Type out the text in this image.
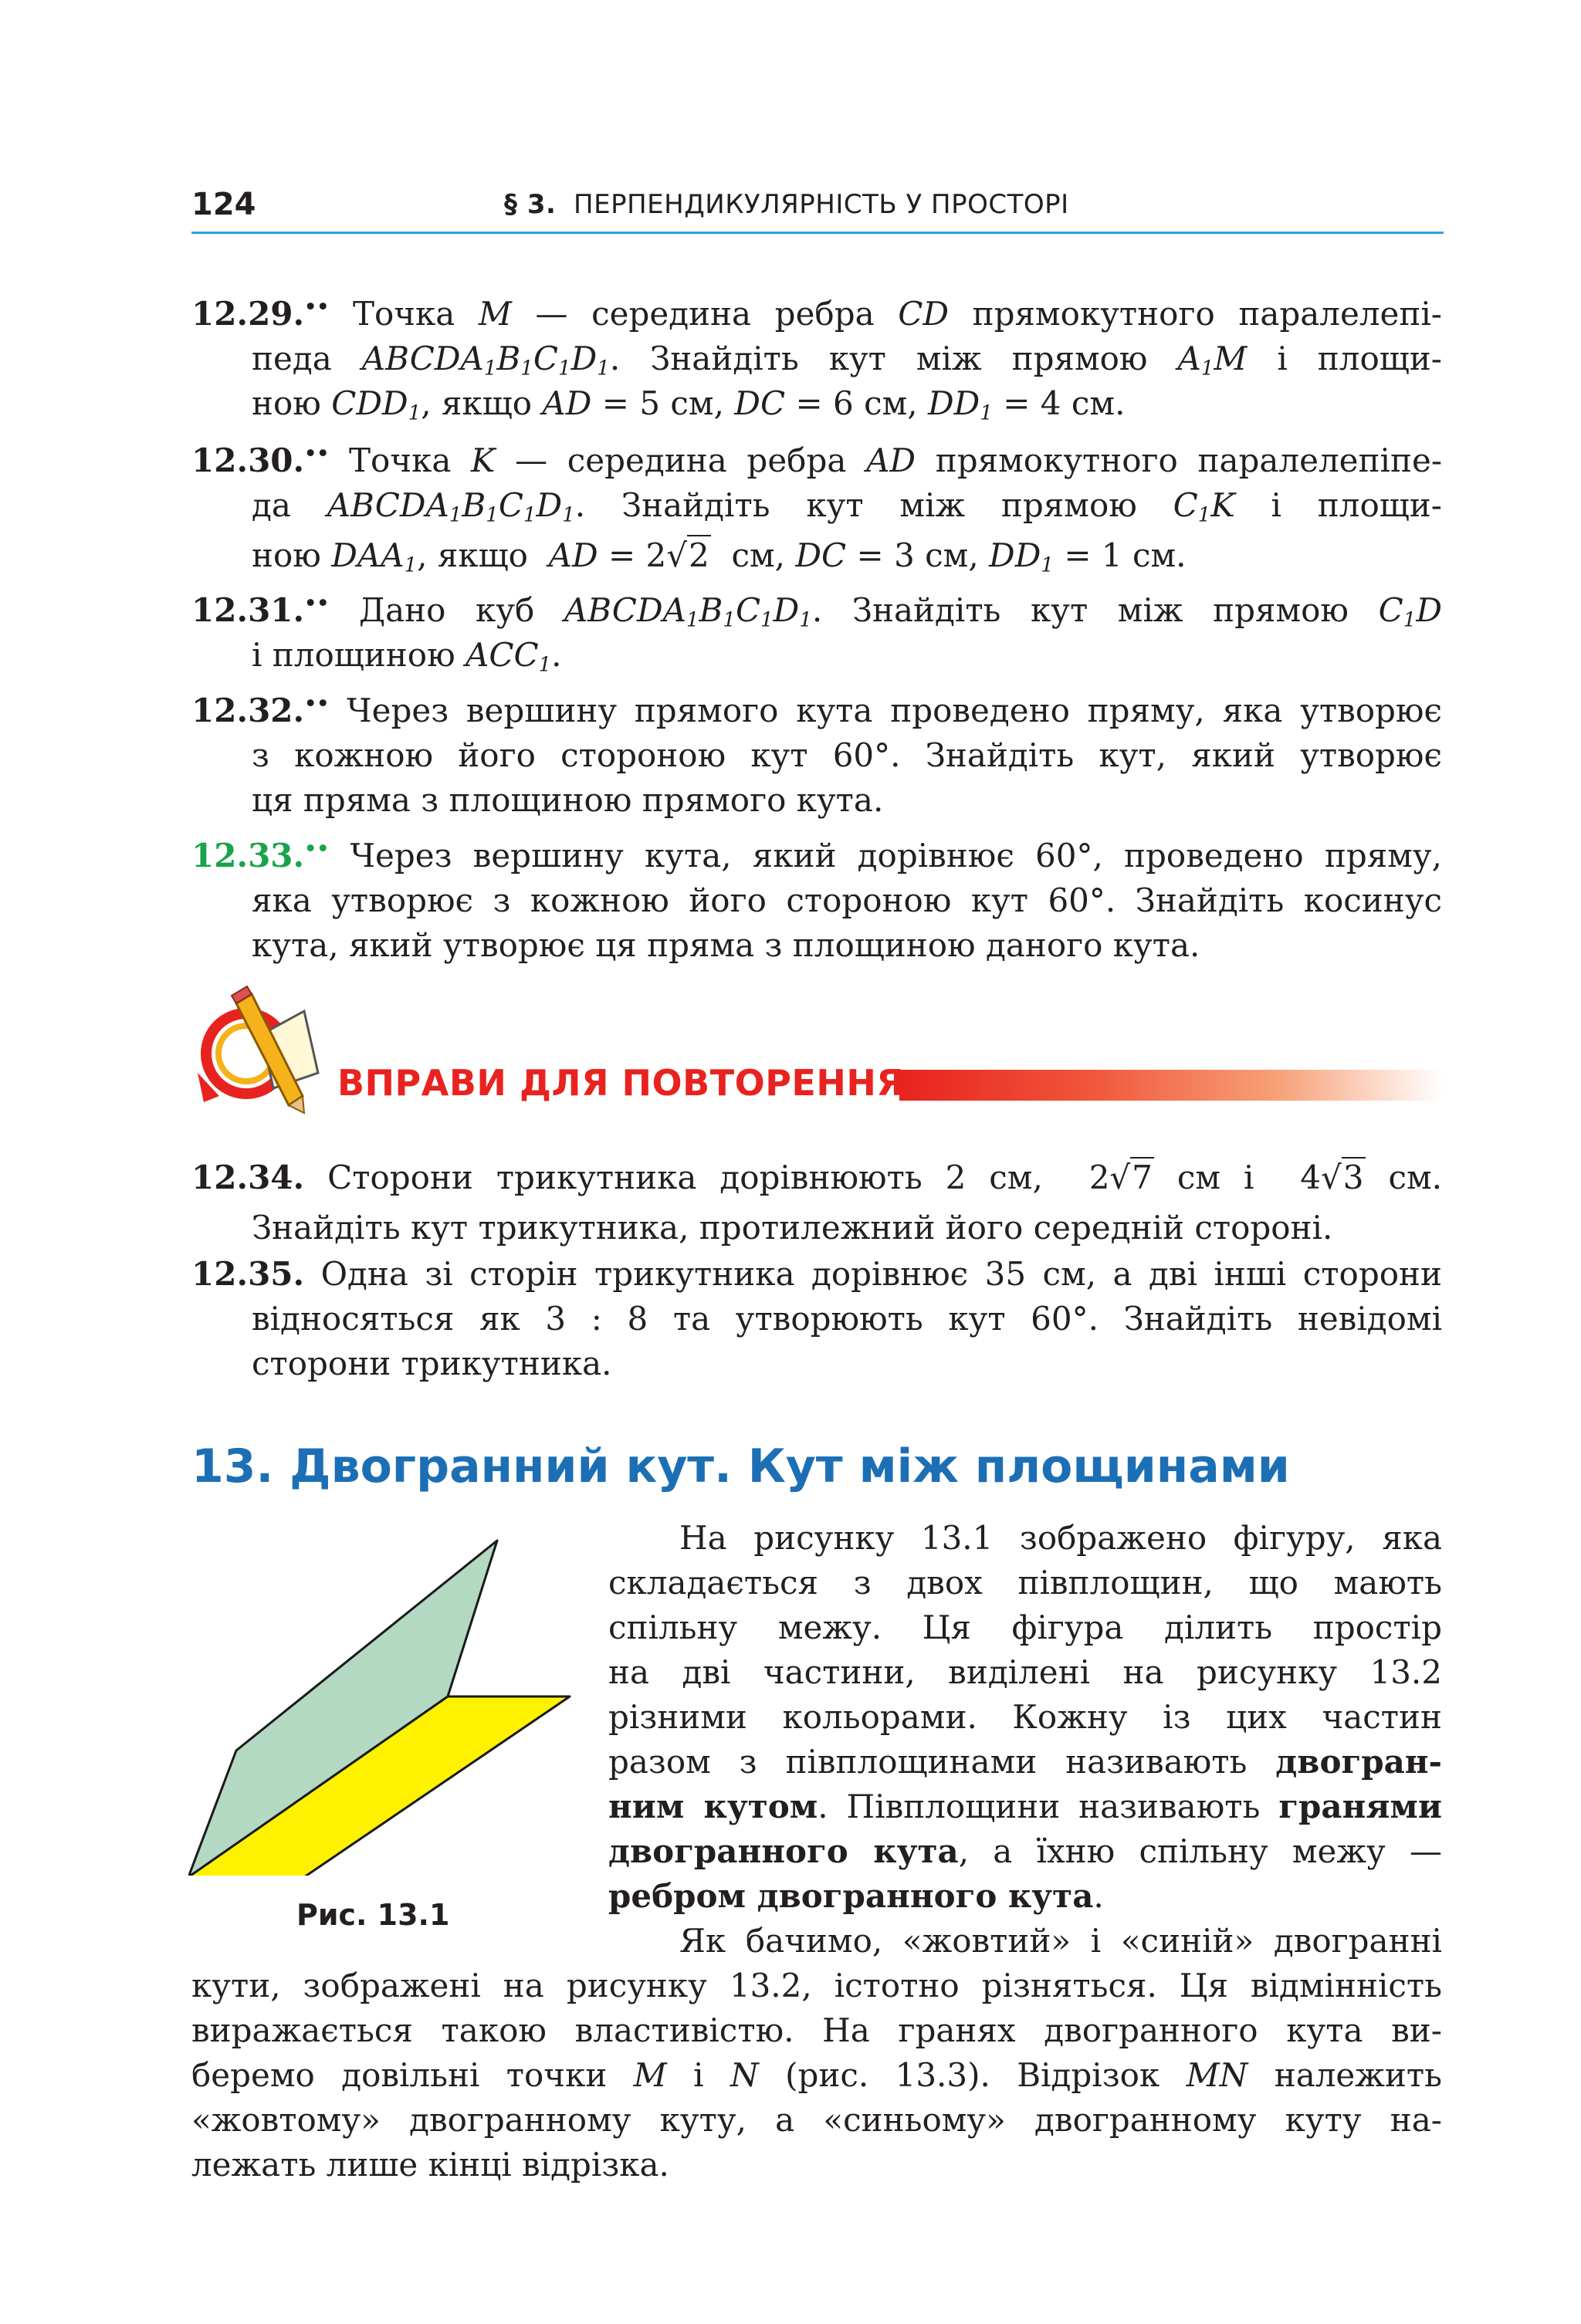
124	§ 3. ПЕРПЕНДИКУЛЯРНІСТЬ У ПРОСТОРІ
12.29.•• Точка M — середина ребра CD прямокутного паралелепі-
педа $ABCDA_1B_1C_1D_1$. Знайдіть кут між прямою $A_1M$ і площи-
ною $CDD_1$, якщо AD = 5 см, DC = 6 см, $DD_1 = 4$ см.
12.30.•• Точка K — середина ребра AD прямокутного паралелепіпе-
да $ABCDA_1B_1C_1D_1$. Знайдіть кут між прямою $C_1K$ і площи-
ною $DAA_1$, якщо AD = 2√2 см, DC = 3 см, $DD_1 = 1$ см.
12.31.•• Дано куб $ABCDA_1B_1C_1D_1$. Знайдіть кут між прямою $C_1D$
і площиною $ACC_1$.
12.32.•• Через вершину прямого кута проведено пряму, яка утворює
з кожною його стороною кут 60°. Знайдіть кут, який утворює
ця пряма з площиною прямого кута.
12.33.•• Через вершину кута, який дорівнює 60°, проведено пряму,
яка утворює з кожною його стороною кут 60°. Знайдіть косинус
кута, який утворює ця пряма з площиною даного кута.
ВПРАВИ ДЛЯ ПОВТОРЕННЯ
12.34. Сторони трикутника дорівнюють 2 см, 2√7 см і 4√3 см.
Знайдіть кут трикутника, протилежний його середній стороні.
12.35. Одна зі сторін трикутника дорівнює 35 см, а дві інші сторони
відносяться як 3 : 8 та утворюють кут 60°. Знайдіть невідомі
сторони трикутника.
13. Двогранний кут. Кут між площинами
Рис. 13.1
На рисунку 13.1 зображено фігуру, яка
складається з двох півплощин, що мають
спільну межу. Ця фігура ділить простір
на дві частини, виділені на рисунку 13.2
різними кольорами. Кожну із цих частин
разом з півплощинами називають двогран-
ним кутом. Півплощини називають гранями
двогранного кута, а їхню спільну межу —
ребром двогранного кута.
Як бачимо, «жовтий» і «синій» двогранні
кути, зображені на рисунку 13.2, істотно різняться. Ця відмінність
виражається такою властивістю. На гранях двогранного кута ви-
беремо довільні точки M і N (рис. 13.3). Відрізок MN належить
«жовтому» двогранному куту, а «синьому» двогранному куту на-
лежать лише кінці відрізка.
